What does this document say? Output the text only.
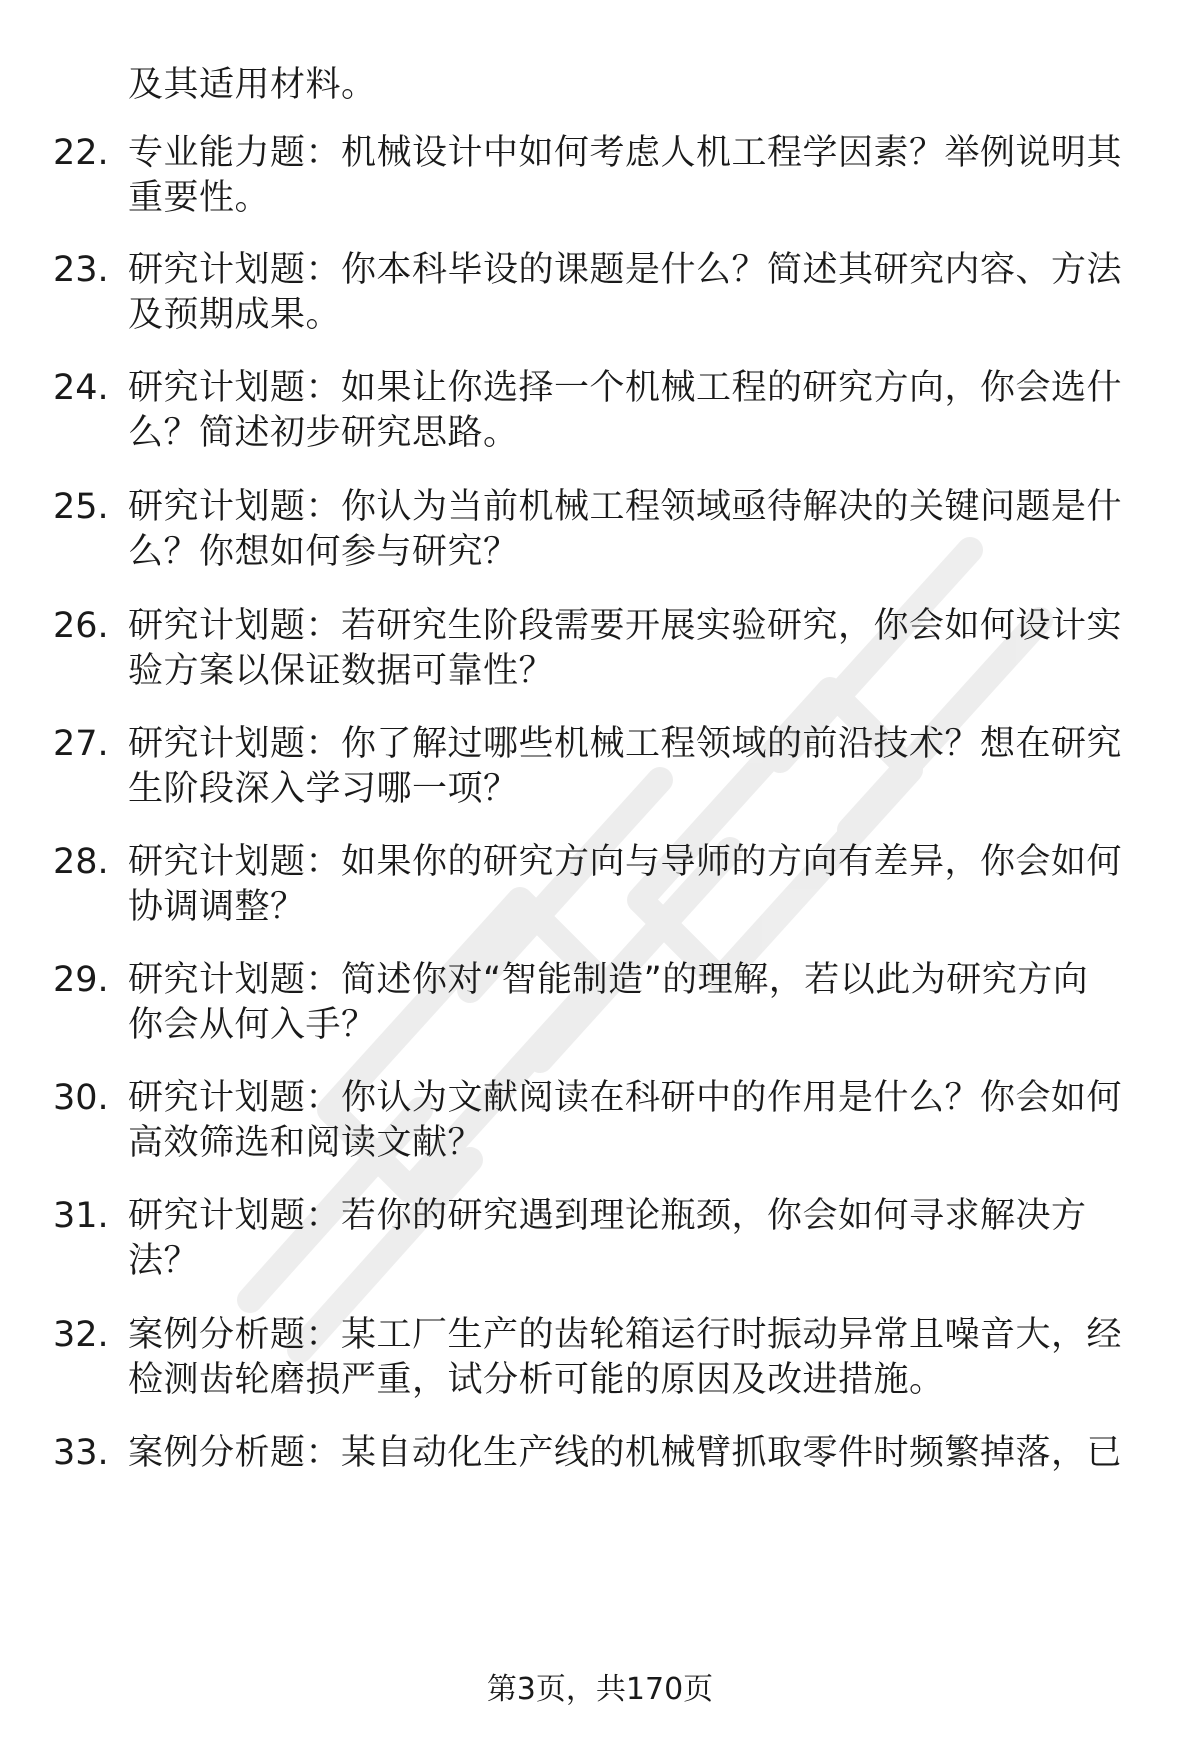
及其适用材料。
22. 专业能力题：机械设计中如何考虑人机工程学因素？举例说明其
重要性。
23. 研究计划题：你本科毕设的课题是什么？简述其研究内容、方法
及预期成果。
24. 研究计划题：如果让你选择一个机械工程的研究方向，你会选什
么？简述初步研究思路。
25. 研究计划题：你认为当前机械工程领域亟待解决的关键问题是什
么？你想如何参与研究？
26. 研究计划题：若研究生阶段需要开展实验研究，你会如何设计实
验方案以保证数据可靠性？
27. 研究计划题：你了解过哪些机械工程领域的前沿技术？想在研究
生阶段深入学习哪一项？
28. 研究计划题：如果你的研究方向与导师的方向有差异，你会如何
协调调整？
29. 研究计划题：简述你对“智能制造”的理解，若以此为研究方向
你会从何入手？
30. 研究计划题：你认为文献阅读在科研中的作用是什么？你会如何
高效筛选和阅读文献？
31. 研究计划题：若你的研究遇到理论瓶颈，你会如何寻求解决方
法？
32. 案例分析题：某工厂生产的齿轮箱运行时振动异常且噪音大，经
检测齿轮磨损严重，试分析可能的原因及改进措施。
33. 案例分析题：某自动化生产线的机械臂抓取零件时频繁掉落，已
第3页，共170页
